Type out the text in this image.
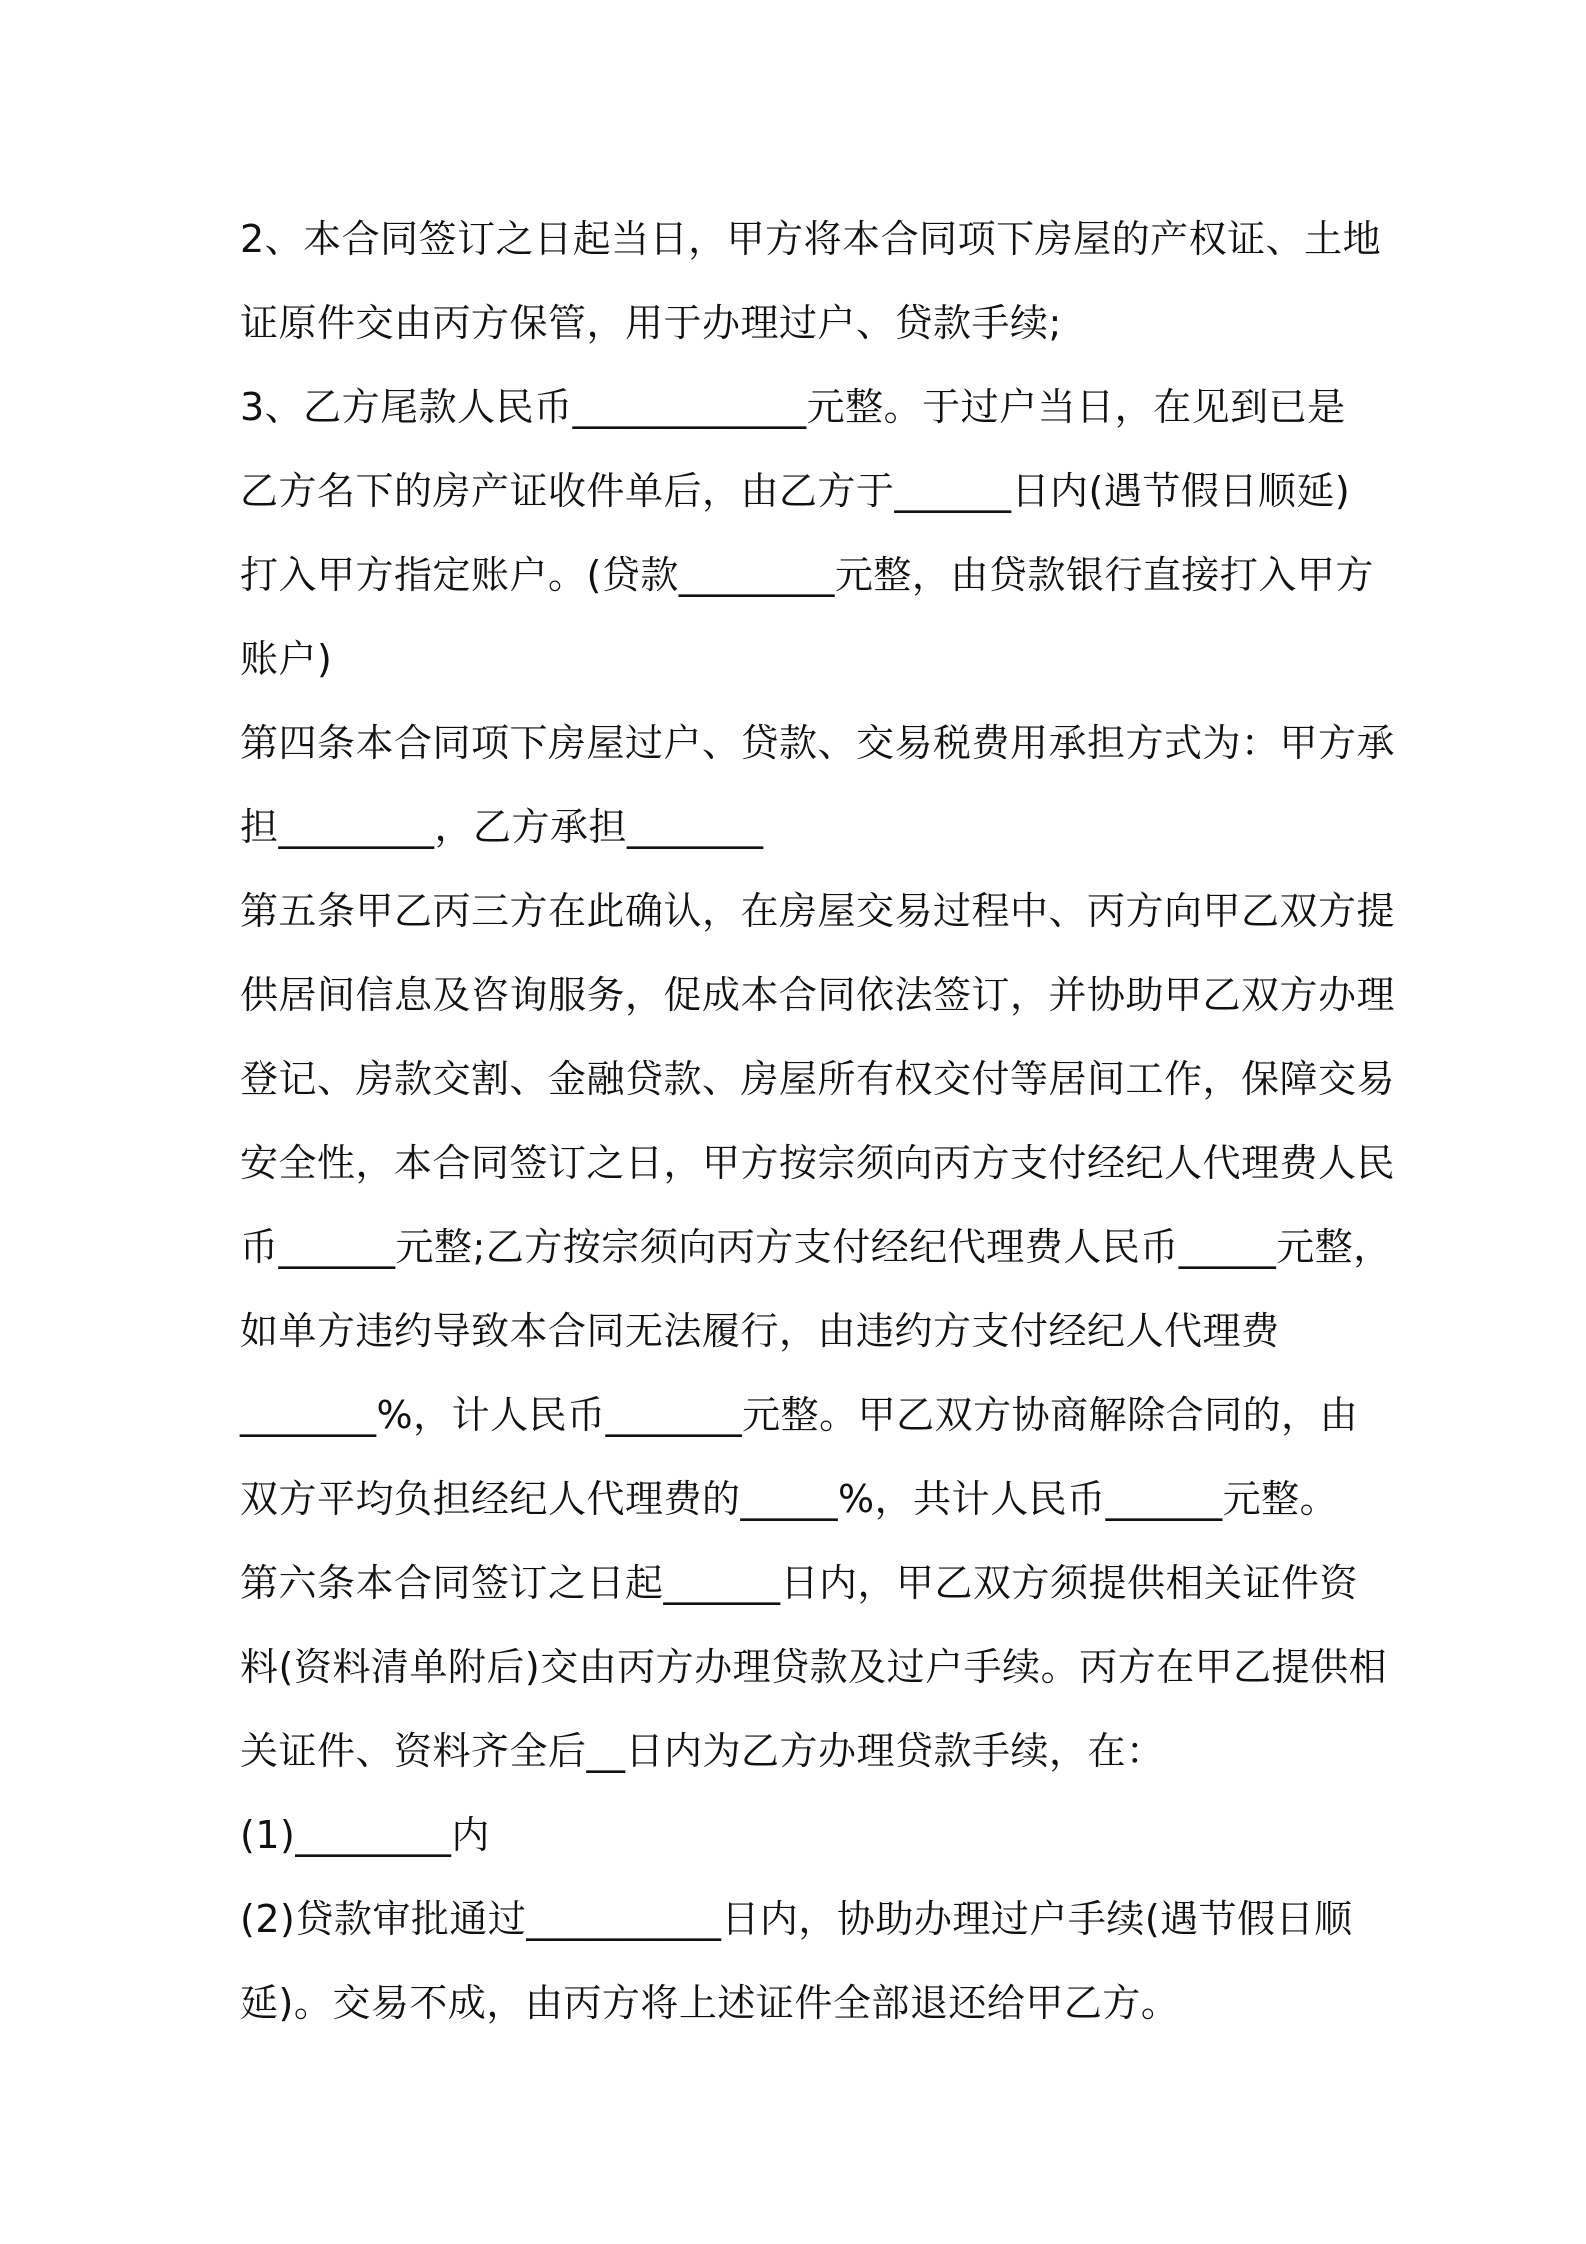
2、本合同签订之日起当日，甲方将本合同项下房屋的产权证、土地
证原件交由丙方保管，用于办理过户、贷款手续;
3、乙方尾款人民币____________元整。于过户当日，在见到已是
乙方名下的房产证收件单后，由乙方于______日内(遇节假日顺延)
打入甲方指定账户。(贷款________元整，由贷款银行直接打入甲方
账户)
第四条本合同项下房屋过户、贷款、交易税费用承担方式为：甲方承
担________，乙方承担_______
第五条甲乙丙三方在此确认，在房屋交易过程中、丙方向甲乙双方提
供居间信息及咨询服务，促成本合同依法签订，并协助甲乙双方办理
登记、房款交割、金融贷款、房屋所有权交付等居间工作，保障交易
安全性，本合同签订之日，甲方按宗须向丙方支付经纪人代理费人民
币______元整;乙方按宗须向丙方支付经纪代理费人民币_____元整，
如单方违约导致本合同无法履行，由违约方支付经纪人代理费
_______%，计人民币_______元整。甲乙双方协商解除合同的，由
双方平均负担经纪人代理费的_____%，共计人民币______元整。
第六条本合同签订之日起______日内，甲乙双方须提供相关证件资
料(资料清单附后)交由丙方办理贷款及过户手续。丙方在甲乙提供相
关证件、资料齐全后__日内为乙方办理贷款手续，在：
(1)________内
(2)贷款审批通过__________日内，协助办理过户手续(遇节假日顺
延)。交易不成，由丙方将上述证件全部退还给甲乙方。
